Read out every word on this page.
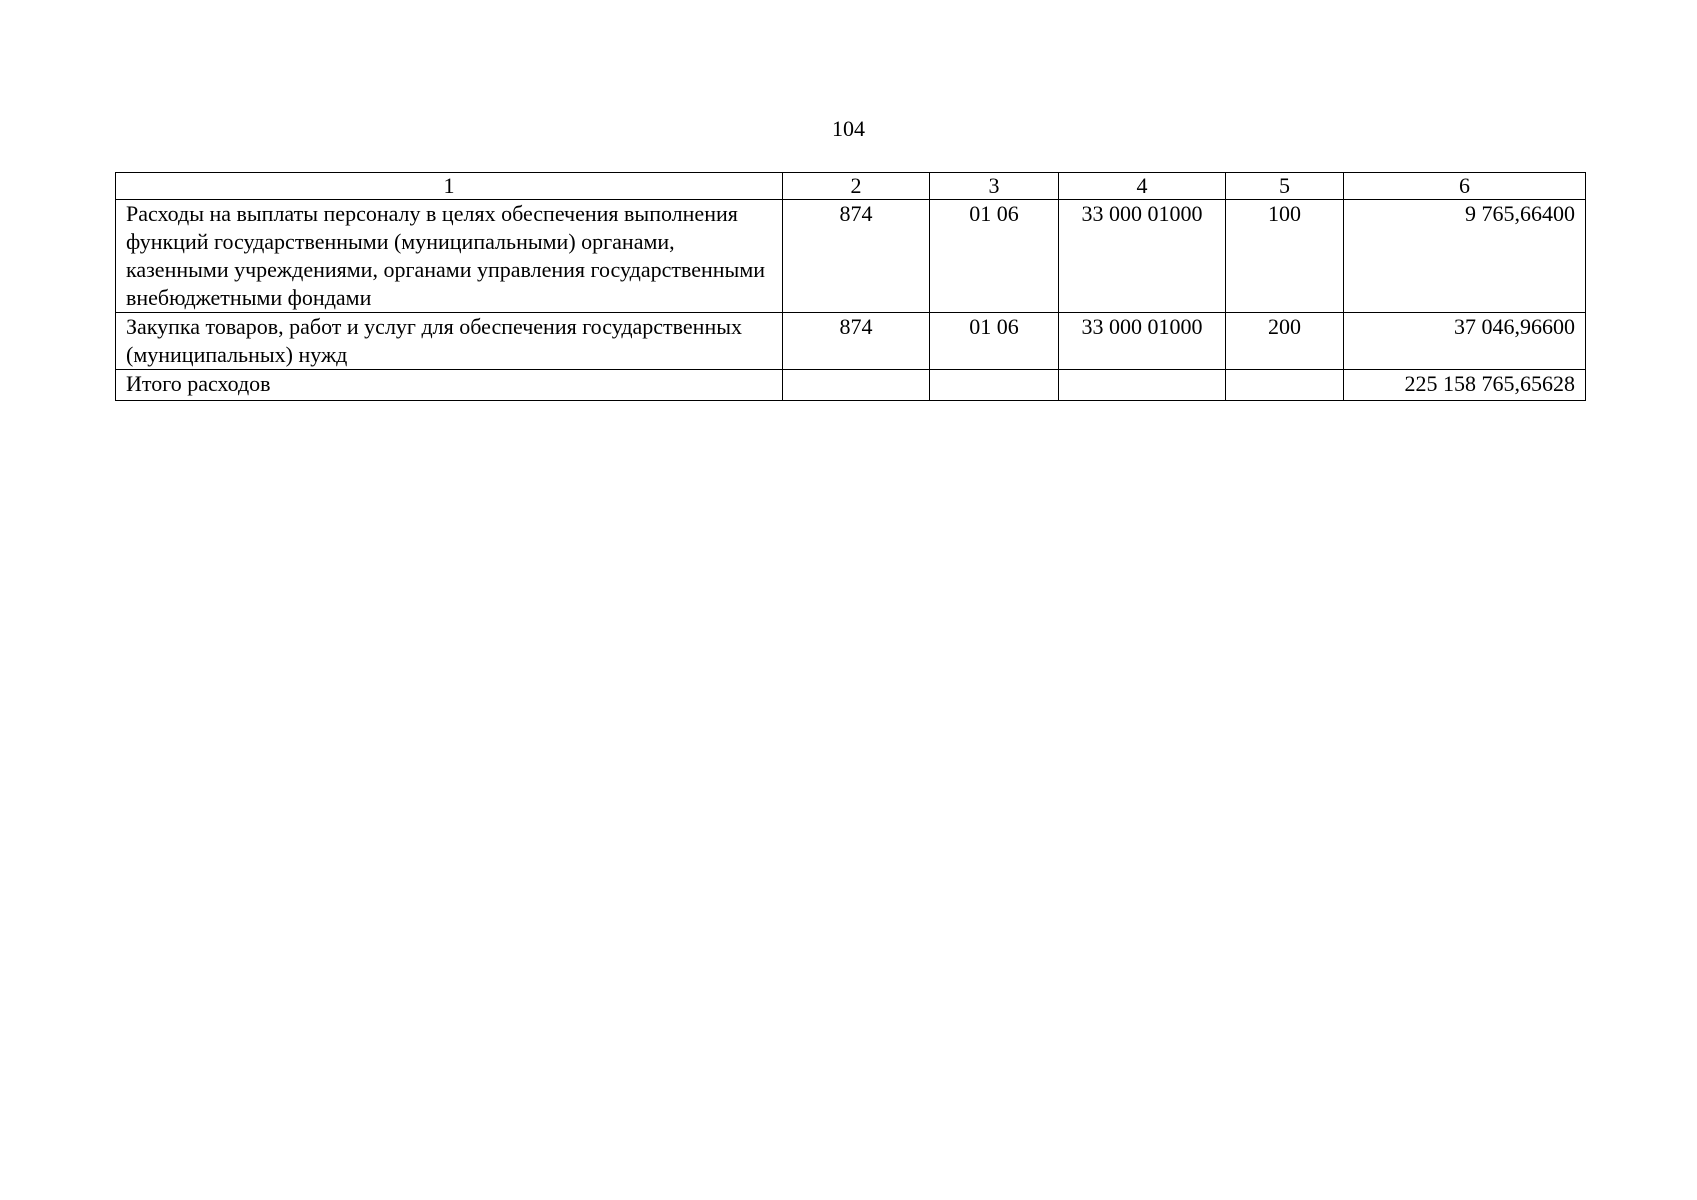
104
1	2	3	4	5	6
Расходы на выплаты персоналу в целях обеспечения выполнения функций государственными (муниципальными) органами, казенными учреждениями, органами управления государственными внебюджетными фондами	874	01 06	33 000 01000	100	9 765,66400
Закупка товаров, работ и услуг для обеспечения государственных (муниципальных) нужд	874	01 06	33 000 01000	200	37 046,96600
Итого расходов					225 158 765,65628
